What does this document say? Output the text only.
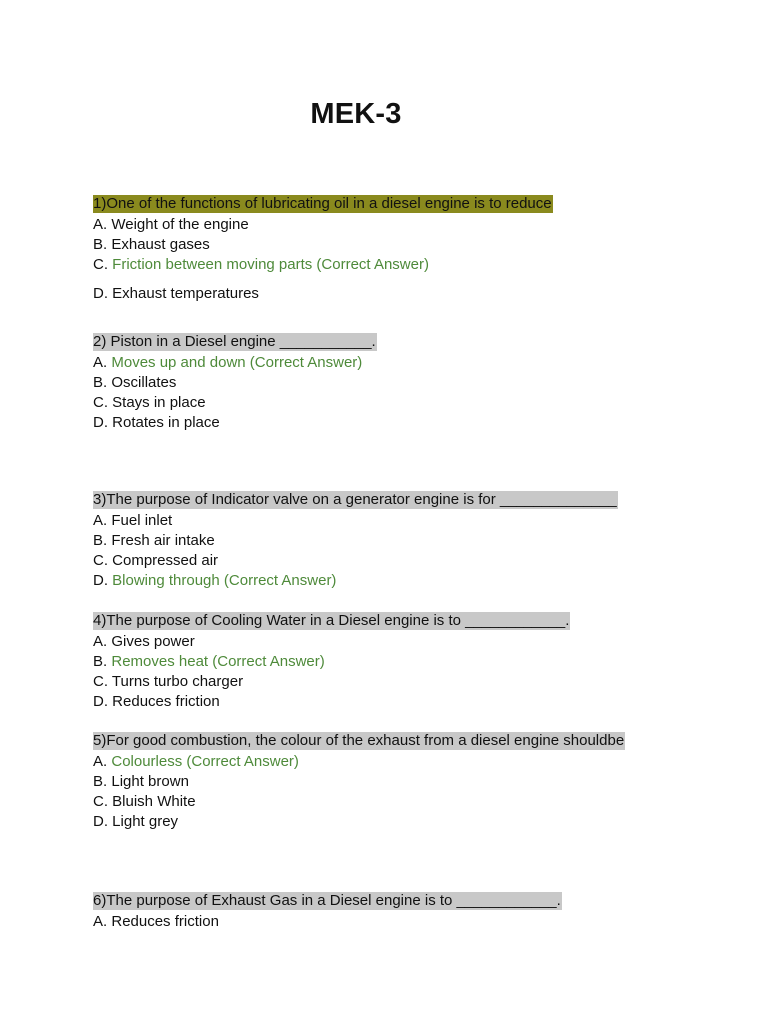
MEK-3
1)One of the functions of lubricating oil in a diesel engine is to reduce
A. Weight of the engine
B. Exhaust gases
C. Friction between moving parts (Correct Answer)
D. Exhaust temperatures
2) Piston in a Diesel engine ___________.
A. Moves up and down (Correct Answer)
B. Oscillates
C. Stays in place
D. Rotates in place
3)The purpose of Indicator valve on a generator engine is for ______________
A. Fuel inlet
B. Fresh air intake
C. Compressed air
D. Blowing through (Correct Answer)
4)The purpose of Cooling Water in a Diesel engine is to ____________.
A. Gives power
B. Removes heat (Correct Answer)
C. Turns turbo charger
D. Reduces friction
5)For good combustion, the colour of the exhaust from a diesel engine shouldbe
A. Colourless (Correct Answer)
B. Light brown
C. Bluish White
D. Light grey
6)The purpose of Exhaust Gas in a Diesel engine is to ____________.
A. Reduces friction
